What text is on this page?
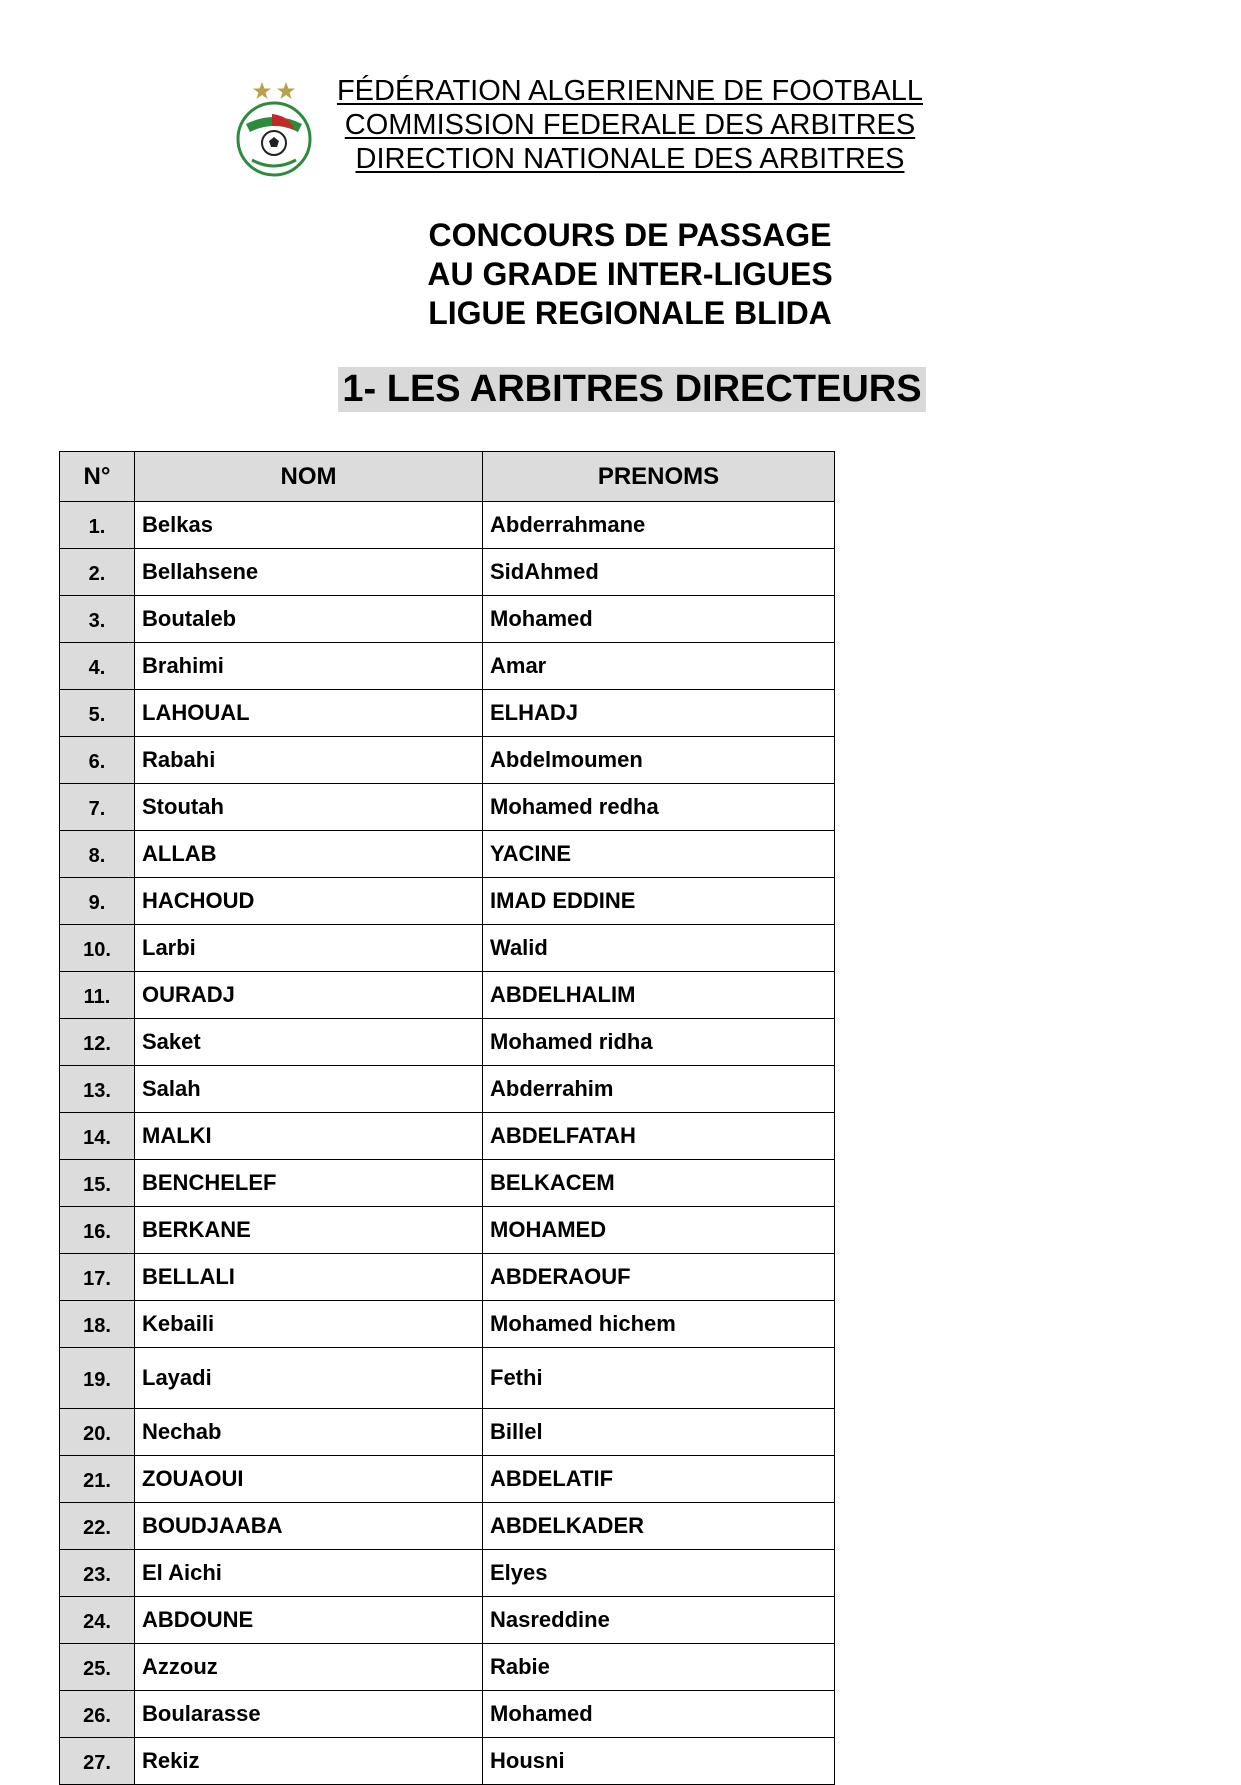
FÉDÉRATION ALGERIENNE DE FOOTBALL
COMMISSION FEDERALE DES ARBITRES
DIRECTION NATIONALE DES ARBITRES
CONCOURS DE PASSAGE
AU GRADE INTER-LIGUES
LIGUE REGIONALE BLIDA
1- LES ARBITRES DIRECTEURS
N°	NOM	PRENOMS
1.	Belkas	Abderrahmane
2.	Bellahsene	SidAhmed
3.	Boutaleb	Mohamed
4.	Brahimi	Amar
5.	LAHOUAL	ELHADJ
6.	Rabahi	Abdelmoumen
7.	Stoutah	Mohamed redha
8.	ALLAB	YACINE
9.	HACHOUD	IMAD EDDINE
10.	Larbi	Walid
11.	OURADJ	ABDELHALIM
12.	Saket	Mohamed ridha
13.	Salah	Abderrahim
14.	MALKI	ABDELFATAH
15.	BENCHELEF	BELKACEM
16.	BERKANE	MOHAMED
17.	BELLALI	ABDERAOUF
18.	Kebaili	Mohamed hichem
19.	Layadi	Fethi
20.	Nechab	Billel
21.	ZOUAOUI	ABDELATIF
22.	BOUDJAABA	ABDELKADER
23.	El Aichi	Elyes
24.	ABDOUNE	Nasreddine
25.	Azzouz	Rabie
26.	Boularasse	Mohamed
27.	Rekiz	Housni
